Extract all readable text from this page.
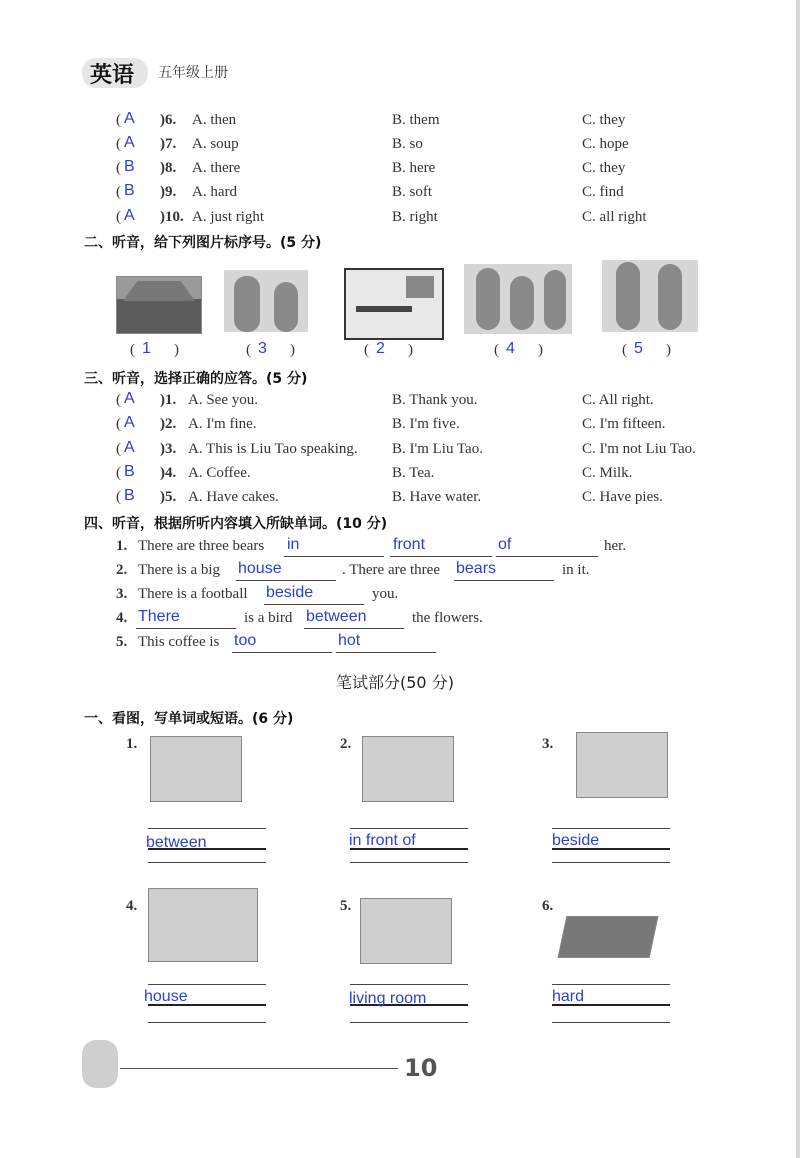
英语 五年级上册
( A )6. A. then	B. them	C. they
( A )7. A. soup	B. so	C. hope
( B )8. A. there	B. here	C. they
( B )9. A. hard	B. soft	C. find
( A )10. A. just right	B. right	C. all right
二、听音，给下列图片标序号。(5 分)
( 1 )	( 3 )	( 2 )	( 4 )	( 5 )
三、听音，选择正确的应答。(5 分)
( A )1. A. See you.	B. Thank you.	C. All right.
( A )2. A. I'm fine.	B. I'm five.	C. I'm fifteen.
( A )3. A. This is Liu Tao speaking. B. I'm Liu Tao.	C. I'm not Liu Tao.
( B )4. A. Coffee.	B. Tea.	C. Milk.
( B )5. A. Have cakes.	B. Have water.	C. Have pies.
四、听音，根据所听内容填入所缺单词。(10 分)
1. There are three bears in	front	of	her.
2. There is a big house	. There are three bears	in it.
3. There is a football beside	you.
4. There	is a bird between	the flowers.
5. This coffee is too	hot
笔试部分(50 分)
一、看图，写单词或短语。(6 分)
1.
between
2.
in front of
3.
beside
4.
house
5.
living room
6.
hard
10
